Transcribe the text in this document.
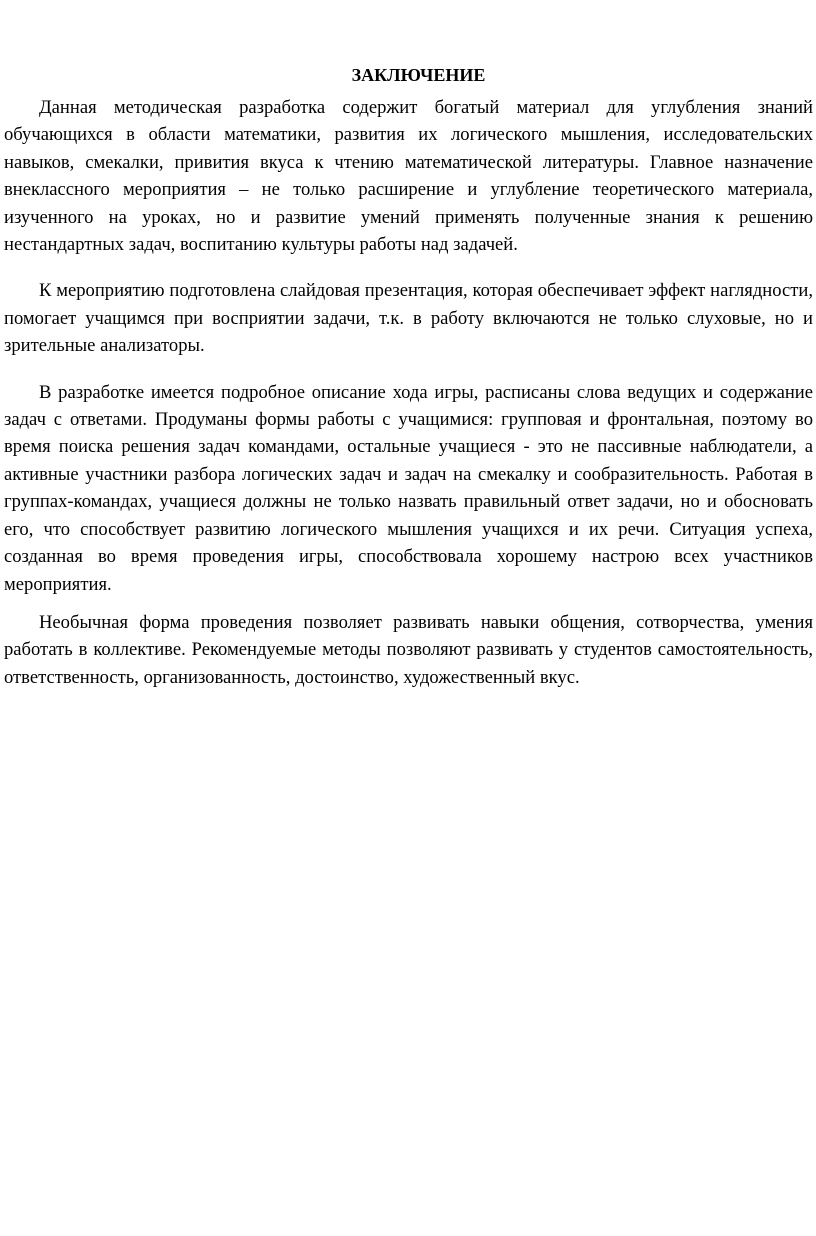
ЗАКЛЮЧЕНИЕ

Данная методическая разработка содержит богатый материал для углубления знаний обучающихся в области математики, развития их логического мышления, исследовательских навыков, смекалки, привития вкуса к чтению математической литературы. Главное назначение внеклассного мероприятия – не только расширение и углубление теоретического материала, изученного на уроках, но и развитие умений применять полученные знания к решению нестандартных задач, воспитанию культуры работы над задачей.

К мероприятию подготовлена слайдовая презентация, которая обеспечивает эффект наглядности, помогает учащимся при восприятии задачи, т.к. в работу включаются не только слуховые, но и зрительные анализаторы.

В разработке имеется подробное описание хода игры, расписаны слова ведущих и содержание задач с ответами. Продуманы формы работы с учащимися: групповая и фронтальная, поэтому во время поиска решения задач командами, остальные учащиеся - это не пассивные наблюдатели, а активные участники разбора логических задач и задач на смекалку и сообразительность. Работая в группах-командах, учащиеся должны не только назвать правильный ответ задачи, но и обосновать его, что способствует развитию логического мышления учащихся и их речи. Ситуация успеха, созданная во время проведения игры, способствовала хорошему настрою всех участников мероприятия.

Необычная форма проведения позволяет развивать навыки общения, сотворчества, умения работать в коллективе. Рекомендуемые методы позволяют развивать у студентов самостоятельность, ответственность, организованность, достоинство, художественный вкус.
